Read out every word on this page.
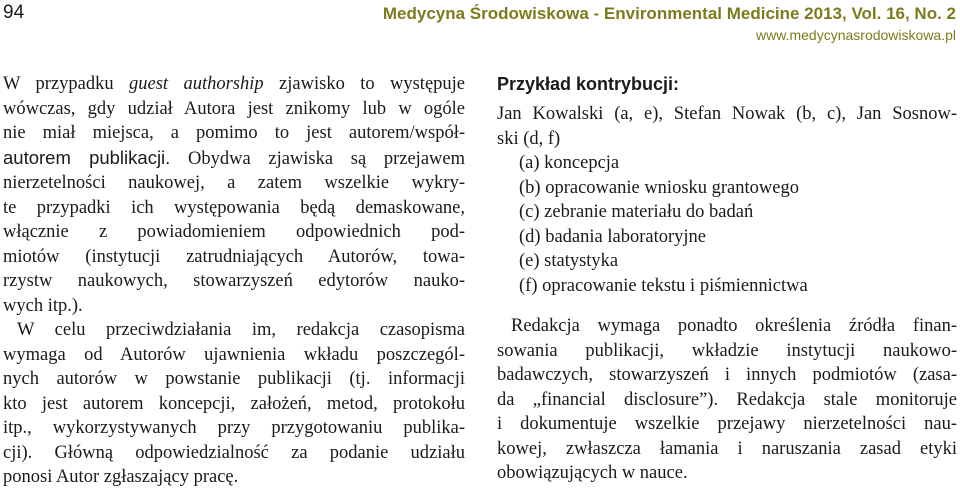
94	Medycyna Środowiskowa - Environmental Medicine 2013, Vol. 16, No. 2
www.medycynasrodowiskowa.pl
W przypadku guest authorship zjawisko to występuje
wówczas, gdy udział Autora jest znikomy lub w ogóle
nie miał miejsca, a pomimo to jest autorem/współ-
autorem publikacji. Obydwa zjawiska są przejawem
nierzetelności naukowej, a zatem wszelkie wykry-
te przypadki ich występowania będą demaskowane,
włącznie z powiadomieniem odpowiednich pod-
miotów (instytucji zatrudniających Autorów, towa-
rzystw naukowych, stowarzyszeń edytorów nauko-
wych itp.).
W celu przeciwdziałania im, redakcja czasopisma
wymaga od Autorów ujawnienia wkładu poszczegól-
nych autorów w powstanie publikacji (tj. informacji
kto jest autorem koncepcji, założeń, metod, protokołu
itp., wykorzystywanych przy przygotowaniu publika-
cji). Główną odpowiedzialność za podanie udziału
ponosi Autor zgłaszający pracę.
Przykład kontrybucji:
Jan Kowalski (a, e), Stefan Nowak (b, c), Jan Sosnow-
ski (d, f)
(a) koncepcja
(b) opracowanie wniosku grantowego
(c) zebranie materiału do badań
(d) badania laboratoryjne
(e) statystyka
(f) opracowanie tekstu i piśmiennictwa
Redakcja wymaga ponadto określenia źródła finan-
sowania publikacji, wkładzie instytucji naukowo-
badawczych, stowarzyszeń i innych podmiotów (zasa-
da „financial disclosure”). Redakcja stale monitoruje
i dokumentuje wszelkie przejawy nierzetelności nau-
kowej, zwłaszcza łamania i naruszania zasad etyki
obowiązujących w nauce.
